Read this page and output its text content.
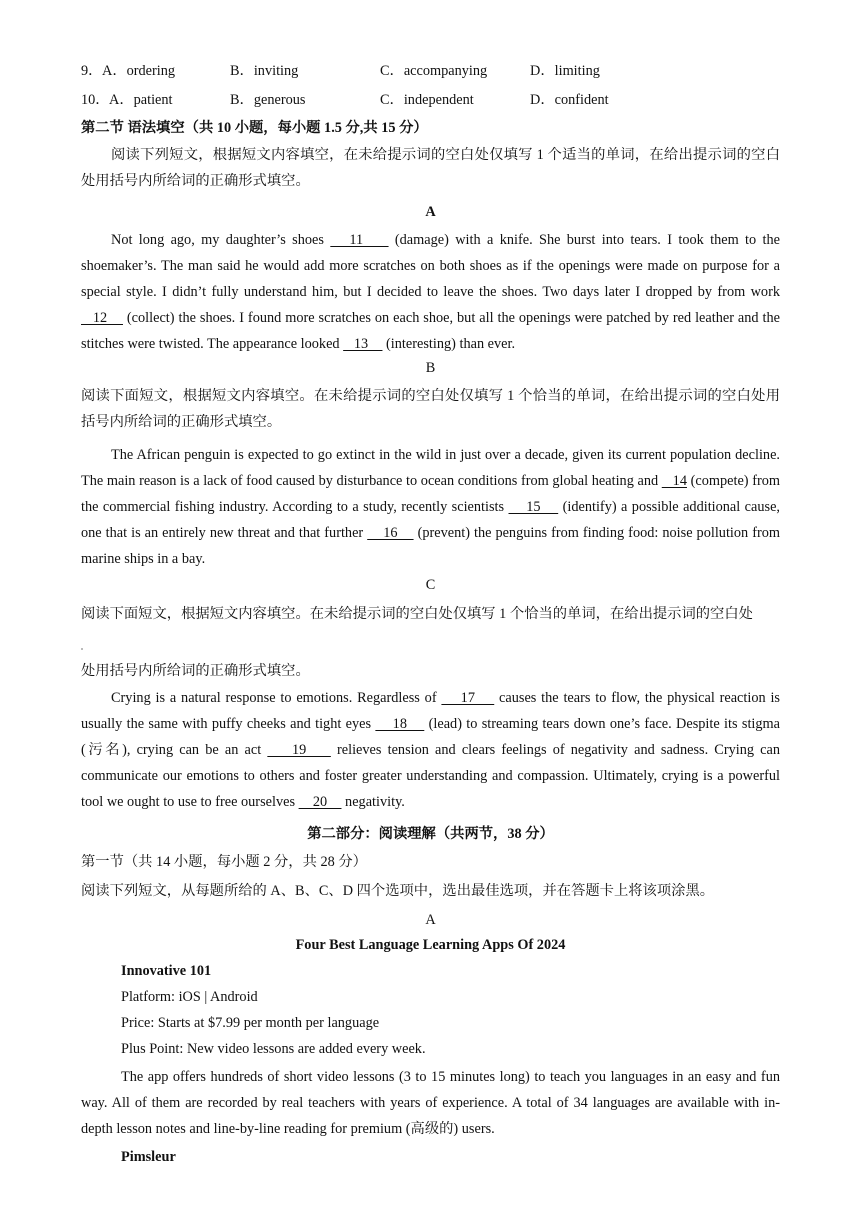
9． A．ordering	B．inviting	C．accompanying	D．limiting
10． A．patient	B．generous	C．independent	D．confident
第二节 语法填空（共 10 小题，每小题 1.5 分,共 15 分）
阅读下列短文，根据短文内容填空，在未给提示词的空白处仅填写 1 个适当的单词，在给出提示词的空白处用括号内所给词的正确形式填空。
A
Not long ago, my daughter’s shoes    11     (damage) with a knife. She burst into tears. I took them to the shoemaker’s. The man said he would add more scratches on both shoes as if the openings were made on purpose for a special style. I didn’t fully understand him, but I decided to leave the shoes. Two days later I dropped by from work    12     (collect) the shoes. I found more scratches on each shoe, but all the openings were patched by red leather and the stitches were twisted. The appearance looked    13     (interesting) than ever.
B
阅读下面短文，根据短文内容填空。在未给提示词的空白处仅填写 1 个恰当的单词，在给出提示词的空白处用括号内所给词的正确形式填空。
The African penguin is expected to go extinct in the wild in just over a decade, given its current population decline. The main reason is a lack of food caused by disturbance to ocean conditions from global heating and    14 (compete) from the commercial fishing industry. According to a study, recently scientists     15     (identify) a possible additional cause, one that is an entirely new threat and that further     16     (prevent) the penguins from finding food: noise pollution from marine ships in a bay.
C
阅读下面短文，根据短文内容填空。在未给提示词的空白处仅填写 1 个恰当的单词，在给出提示词的空白处
处用括号内所给词的正确形式填空。
Crying is a natural response to emotions. Regardless of     17     causes the tears to flow, the physical reaction is usually the same with puffy cheeks and tight eyes     18     (lead) to streaming tears down one’s face. Despite its stigma (污名), crying can be an act     19     relieves tension and clears feelings of negativity and sadness. Crying can communicate our emotions to others and foster greater understanding and compassion. Ultimately, crying is a powerful tool we ought to use to free ourselves     20     negativity.
第二部分：阅读理解（共两节，38 分）
第一节（共 14 小题，每小题 2 分，共 28 分）
阅读下列短文，从每题所给的 A、B、C、D 四个选项中，选出最佳选项，并在答题卡上将该项涂黑。
A
Four Best Language Learning Apps Of 2024
Innovative 101
Platform: iOS | Android
Price: Starts at $7.99 per month per language
Plus Point: New video lessons are added every week.
The app offers hundreds of short video lessons (3 to 15 minutes long) to teach you languages in an easy and fun way. All of them are recorded by real teachers with years of experience. A total of 34 languages are available with in-depth lesson notes and line-by-line reading for premium (高级的) users.
Pimsleur
